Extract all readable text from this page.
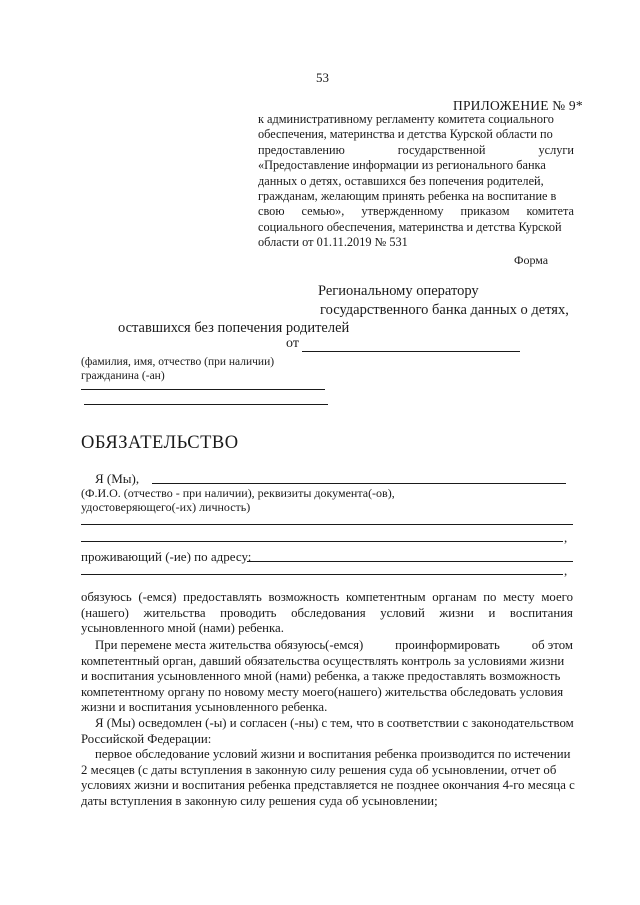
53
ПРИЛОЖЕНИЕ № 9*
к административному регламенту комитета социального
обеспечения, материнства и детства Курской области по
предоставлению	государственной	услуги
«Предоставление информации из регионального банка
данных о детях, оставшихся без попечения родителей,
гражданам, желающим принять ребенка на воспитание в
свою семью», утвержденному приказом комитета
социального обеспечения, материнства и детства Курской
области от 01.11.2019 № 531
Форма
Региональному оператору
государственного банка данных о детях,
оставшихся без попечения родителей
от
(фамилия, имя, отчество (при наличии)
гражданина (-ан)
ОБЯЗАТЕЛЬСТВО
Я (Мы),
(Ф.И.О. (отчество - при наличии), реквизиты документа(-ов),
удостоверяющего(-их) личность)
,
проживающий (-ие) по адресу:
,
обязуюсь (-емся) предоставлять возможность компетентным органам по месту моего
(нашего) жительства проводить обследования условий жизни и воспитания
усыновленного мной (нами) ребенка.
При перемене места жительства обязуюсь(-емся) проинформировать об этом
компетентный орган, давший обязательства осуществлять контроль за условиями жизни
и воспитания усыновленного мной (нами) ребенка, а также предоставлять возможность
компетентному органу по новому месту моего(нашего) жительства обследовать условия
жизни и воспитания усыновленного ребенка.
Я (Мы) осведомлен (-ы) и согласен (-ны) с тем, что в соответствии с законодательством
Российской Федерации:
первое обследование условий жизни и воспитания ребенка производится по истечении
2 месяцев (с даты вступления в законную силу решения суда об усыновлении, отчет об
условиях жизни и воспитания ребенка представляется не позднее окончания 4-го месяца с
даты вступления в законную силу решения суда об усыновлении;
